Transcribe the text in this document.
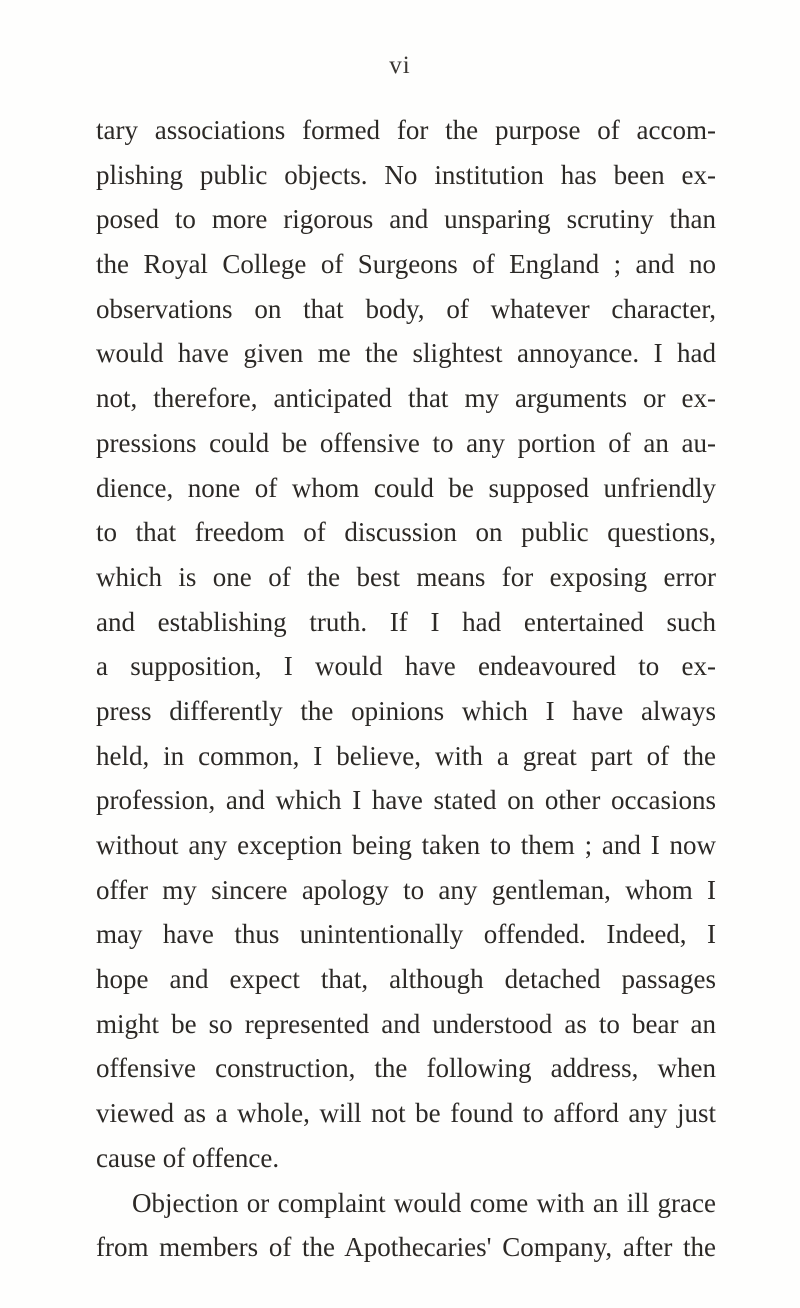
vi
tary associations formed for the purpose of accom-
plishing public objects. No institution has been ex-
posed to more rigorous and unsparing scrutiny than
the Royal College of Surgeons of England ; and no
observations on that body, of whatever character,
would have given me the slightest annoyance. I had
not, therefore, anticipated that my arguments or ex-
pressions could be offensive to any portion of an au-
dience, none of whom could be supposed unfriendly
to that freedom of discussion on public questions,
which is one of the best means for exposing error
and establishing truth. If I had entertained such
a supposition, I would have endeavoured to ex-
press differently the opinions which I have always
held, in common, I believe, with a great part of the
profession, and which I have stated on other occasions
without any exception being taken to them ; and I now
offer my sincere apology to any gentleman, whom I
may have thus unintentionally offended. Indeed, I
hope and expect that, although detached passages
might be so represented and understood as to bear an
offensive construction, the following address, when
viewed as a whole, will not be found to afford any just
cause of offence.
Objection or complaint would come with an ill grace
from members of the Apothecaries' Company, after the
